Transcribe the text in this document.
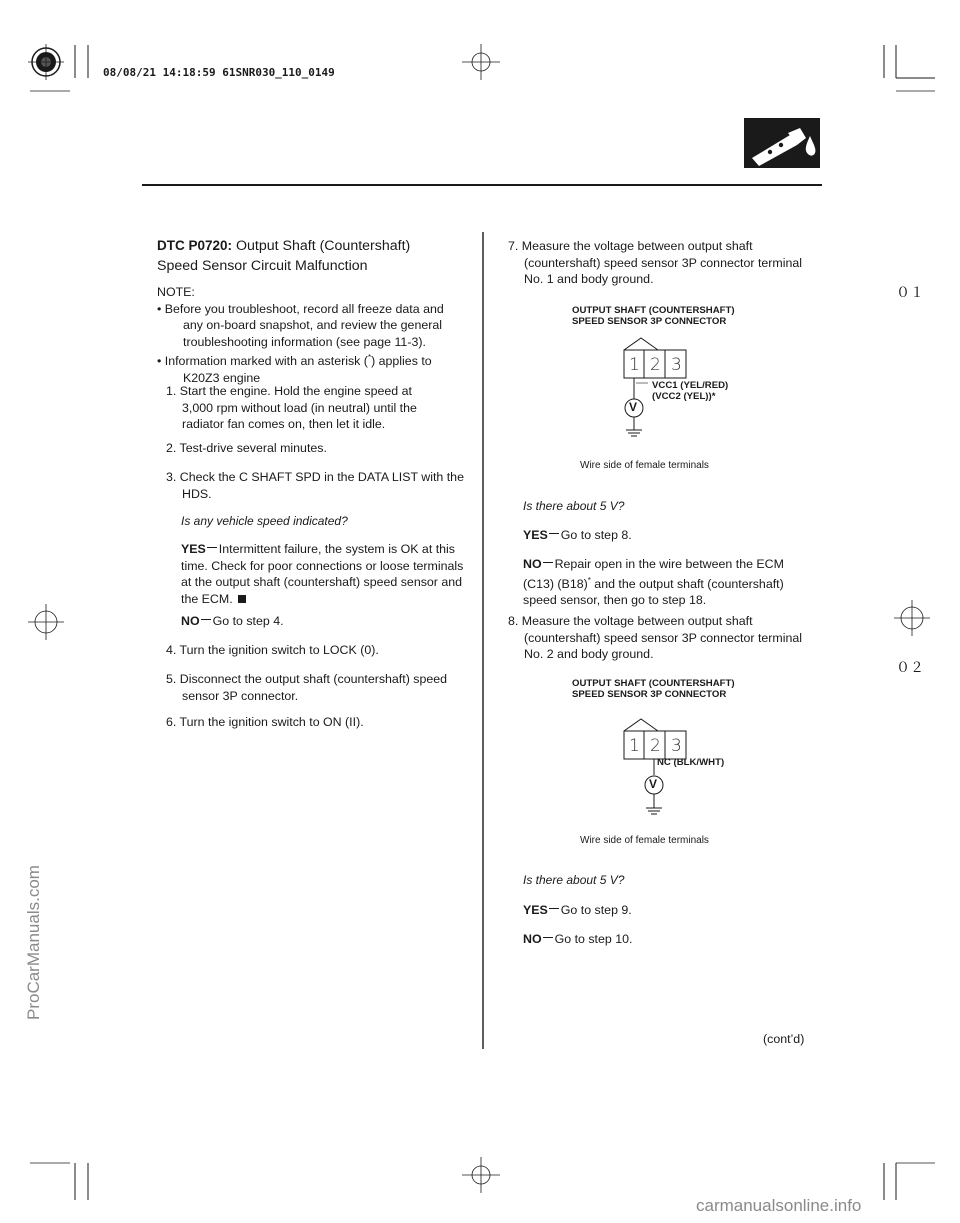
08/08/21 14:18:59 61SNR030_110_0149
０１
０２
ProCarManuals.com
carmanualsonline.info
DTC P0720: Output Shaft (Countershaft)
Speed Sensor Circuit Malfunction
NOTE:
• Before you troubleshoot, record all freeze data and
any on-board snapshot, and review the general
troubleshooting information (see page 11-3).
• Information marked with an asterisk (*) applies to
K20Z3 engine
1. Start the engine. Hold the engine speed at
3,000 rpm without load (in neutral) until the
radiator fan comes on, then let it idle.
2. Test-drive several minutes.
3. Check the C SHAFT SPD in the DATA LIST with the
HDS.
Is any vehicle speed indicated?
YES Intermittent failure, the system is OK at this
time. Check for poor connections or loose terminals
at the output shaft (countershaft) speed sensor and
the ECM.
NO Go to step 4.
4. Turn the ignition switch to LOCK (0).
5. Disconnect the output shaft (countershaft) speed
sensor 3P connector.
6. Turn the ignition switch to ON (II).
7. Measure the voltage between output shaft
(countershaft) speed sensor 3P connector terminal
No. 1 and body ground.
OUTPUT SHAFT (COUNTERSHAFT)
SPEED SENSOR 3P CONNECTOR
1 2 3
VCC1 (YEL/RED)
(VCC2 (YEL))*
V
Wire side of female terminals
Is there about 5 V?
YES Go to step 8.
NO Repair open in the wire between the ECM
(C13) (B18)* and the output shaft (countershaft)
speed sensor, then go to step 18.
8. Measure the voltage between output shaft
(countershaft) speed sensor 3P connector terminal
No. 2 and body ground.
OUTPUT SHAFT (COUNTERSHAFT)
SPEED SENSOR 3P CONNECTOR
1 2 3
NC (BLK/WHT)
V
Wire side of female terminals
Is there about 5 V?
YES Go to step 9.
NO Go to step 10.
(cont’d)
